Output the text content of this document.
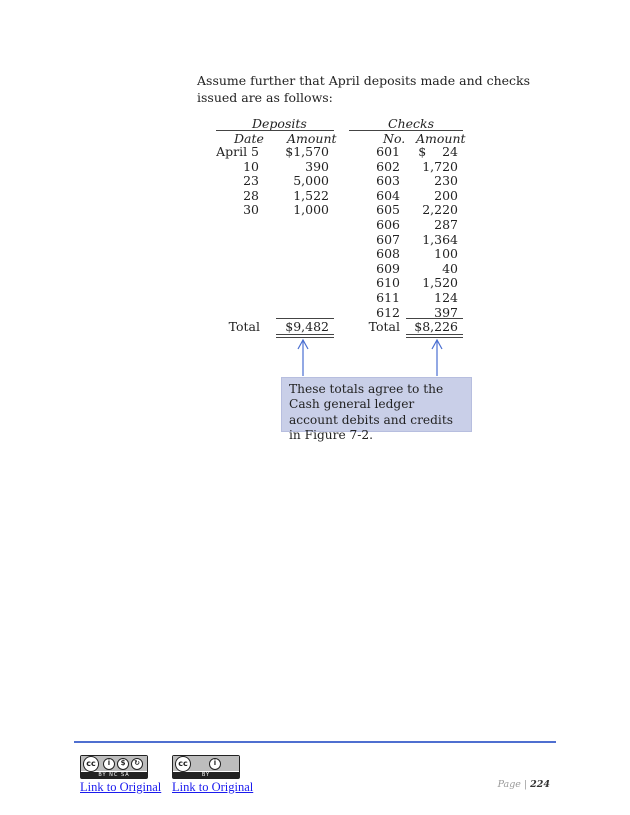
Assume further that April deposits made and checks issued are as follows:
Deposits
Date Amount
April 5	$1,570
10	390
23	5,000
28	1,522
30	1,000
Total	$9,482
Checks
No. Amount
601	$    24
602	1,720
603	230
604	200
605	2,220
606	287
607	1,364
608	100
609	40
610	1,520
611	124
612	397
Total	$8,226
These totals agree to the Cash general ledger account debits and credits in Figure 7-2.
cc	i	$	↻
BY NC SA
cc	i
BY
Link to Original Link to Original	Page | 224
